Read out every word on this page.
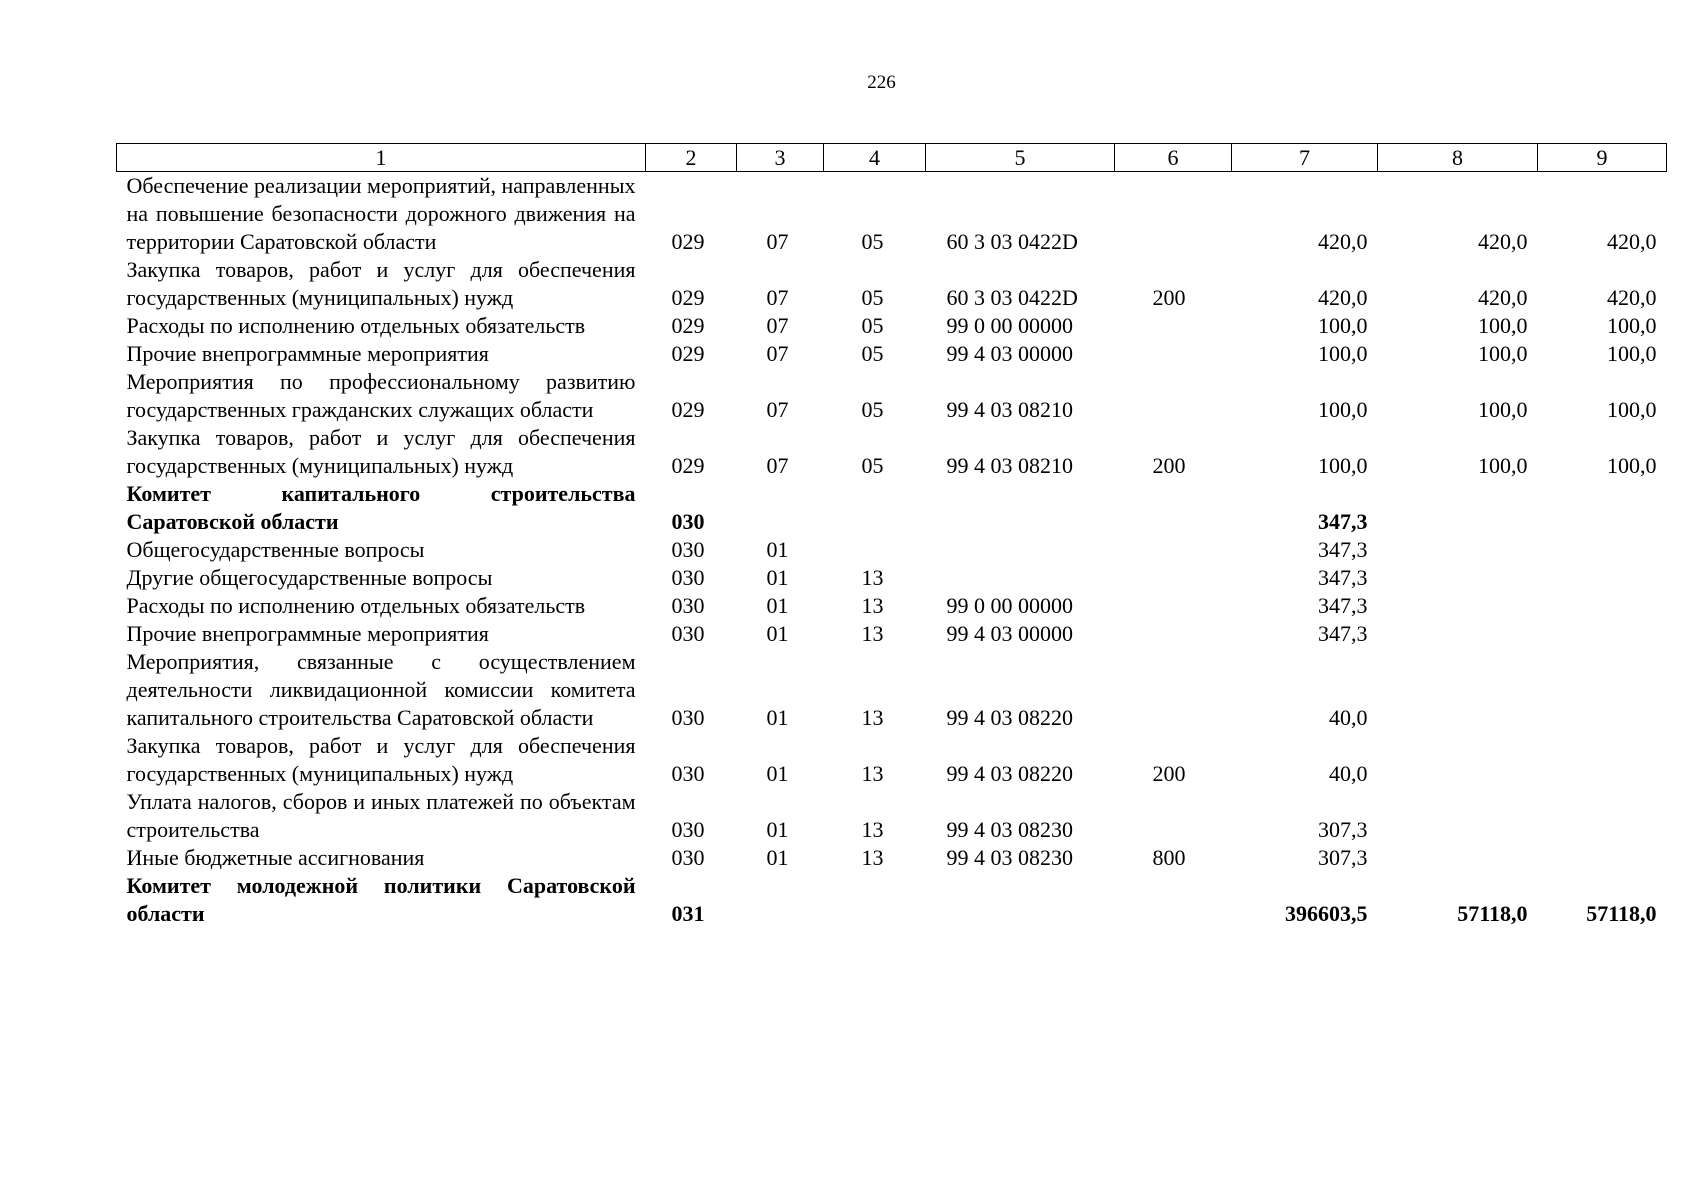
226
1	2	3	4	5	6	7	8	9
Обеспечение реализации мероприятий, направленных на повышение безопасности дорожного движения на территории Саратовской области	029	07	05	60 3 03 0422D		420,0	420,0	420,0
Закупка товаров, работ и услуг для обеспечения государственных (муниципальных) нужд	029	07	05	60 3 03 0422D	200	420,0	420,0	420,0
Расходы по исполнению отдельных обязательств	029	07	05	99 0 00 00000		100,0	100,0	100,0
Прочие внепрограммные мероприятия	029	07	05	99 4 03 00000		100,0	100,0	100,0
Мероприятия по профессиональному развитию государственных гражданских служащих области	029	07	05	99 4 03 08210		100,0	100,0	100,0
Закупка товаров, работ и услуг для обеспечения государственных (муниципальных) нужд	029	07	05	99 4 03 08210	200	100,0	100,0	100,0
Комитет капитального строительства Саратовской области	030					347,3		
Общегосударственные вопросы	030	01				347,3		
Другие общегосударственные вопросы	030	01	13			347,3		
Расходы по исполнению отдельных обязательств	030	01	13	99 0 00 00000		347,3		
Прочие внепрограммные мероприятия	030	01	13	99 4 03 00000		347,3		
Мероприятия, связанные с осуществлением деятельности ликвидационной комиссии комитета капитального строительства Саратовской области	030	01	13	99 4 03 08220		40,0		
Закупка товаров, работ и услуг для обеспечения государственных (муниципальных) нужд	030	01	13	99 4 03 08220	200	40,0		
Уплата налогов, сборов и иных платежей по объектам строительства	030	01	13	99 4 03 08230		307,3		
Иные бюджетные ассигнования	030	01	13	99 4 03 08230	800	307,3		
Комитет молодежной политики Саратовской области	031					396603,5	57118,0	57118,0
